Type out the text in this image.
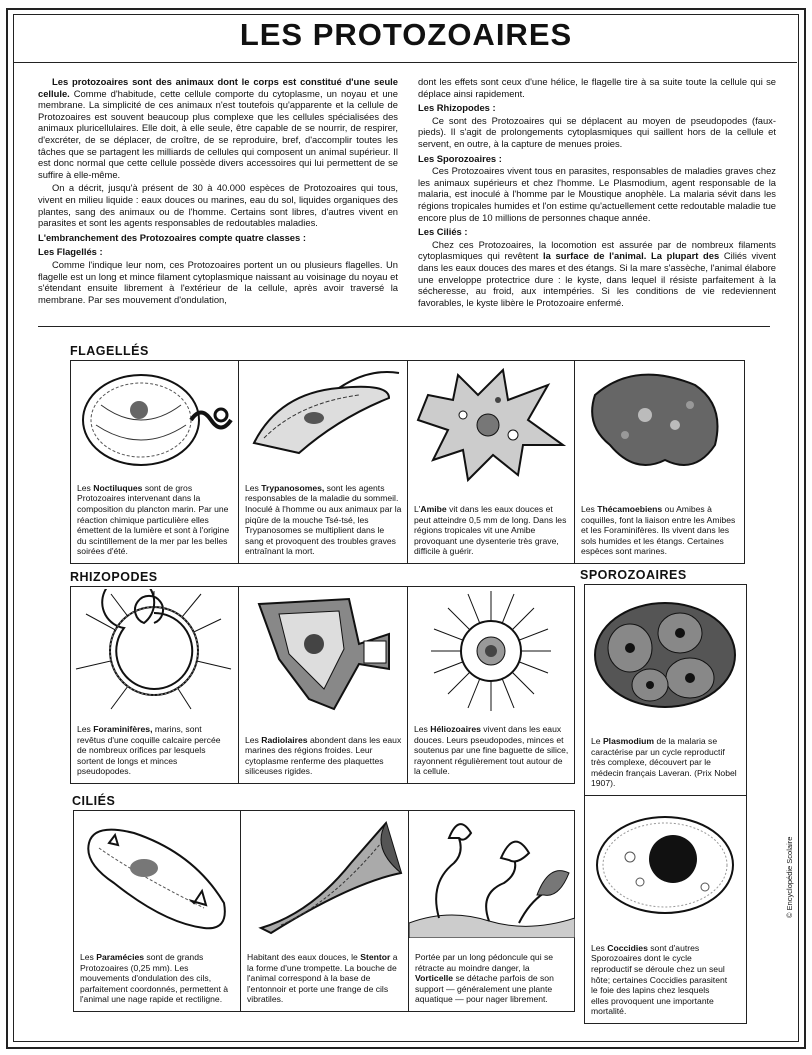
LES PROTOZOAIRES

Les protozoaires sont des animaux dont le corps est constitué d'une seule cellule. Comme d'habitude, cette cellule comporte du cytoplasme, un noyau et une membrane. La simplicité de ces animaux n'est toutefois qu'apparente et la cellule de Protozoaires est souvent beaucoup plus complexe que les cellules spécialisées des animaux pluricellulaires. Elle doit, à elle seule, être capable de se nourrir, de respirer, d'excréter, de se déplacer, de croître, de se reproduire, bref, d'accomplir toutes les tâches que se partagent les milliards de cellules qui composent un animal supérieur. Il est donc normal que cette cellule possède divers accessoires qui lui permettent de se suffire à elle-même.

On a décrit, jusqu'à présent de 30 à 40.000 espèces de Protozoaires qui tous, vivent en milieu liquide : eaux douces ou marines, eau du sol, liquides organiques des plantes, sang des animaux ou de l'homme. Certains sont libres, d'autres vivent en parasites et sont les agents responsables de redoutables maladies.

L'embranchement des Protozoaires compte quatre classes :

Les Flagellés :

Comme l'indique leur nom, ces Protozoaires portent un ou plusieurs flagelles. Un flagelle est un long et mince filament cytoplasmique naissant au voisinage du noyau et s'étendant ensuite librement à l'extérieur de la cellule, après avoir traversé la membrane. Par ses mouvement d'ondulation,

dont les effets sont ceux d'une hélice, le flagelle tire à sa suite toute la cellule qui se déplace ainsi rapidement.

Les Rhizopodes :

Ce sont des Protozoaires qui se déplacent au moyen de pseudopodes (faux-pieds). Il s'agit de prolongements cytoplasmiques qui saillent hors de la cellule et servent, en outre, à la capture de menues proies.

Les Sporozoaires :

Ces Protozoaires vivent tous en parasites, responsables de maladies graves chez les animaux supérieurs et chez l'homme. Le Plasmodium, agent responsable de la malaria, est inoculé à l'homme par le Moustique anophèle. La malaria sévit dans les régions tropicales humides et l'on estime qu'actuellement cette redoutable maladie tue encore plus de 10 millions de personnes chaque année.

Les Ciliés :

Chez ces Protozoaires, la locomotion est assurée par de nombreux filaments cytoplasmiques qui revêtent la surface de l'animal. La plupart des Ciliés vivent dans les eaux douces des mares et des étangs. Si la mare s'assèche, l'animal élabore une enveloppe protectrice dure : le kyste, dans lequel il résiste parfaitement à la sécheresse, au froid, aux intempéries. Si les conditions de vie redeviennent favorables, le kyste libère le Protozoaire enfermé.

FLAGELLÉS
Les Noctiluques sont de gros Protozoaires intervenant dans la composition du plancton marin. Par une réaction chimique particulière elles émettent de la lumière et sont à l'origine du scintillement de la mer par les belles soirées d'été.
Les Trypanosomes, sont les agents responsables de la maladie du sommeil. Inoculé à l'homme ou aux animaux par la piqûre de la mouche Tsé-tsé, les Trypanosomes se multiplient dans le sang et provoquent des troubles graves entraînant la mort.
L'Amibe vit dans les eaux douces et peut atteindre 0,5 mm de long. Dans les régions tropicales vit une Amibe provoquant une dysenterie très grave, difficile à guérir.
Les Thécamoebiens ou Amibes à coquilles, font la liaison entre les Amibes et les Foraminifères. Ils vivent dans les sols humides et les étangs. Certaines espèces sont marines.
RHIZOPODES
Les Foraminifères, marins, sont revêtus d'une coquille calcaire percée de nombreux orifices par lesquels sortent de longs et minces pseudopodes.
Les Radiolaires abondent dans les eaux marines des régions froides. Leur cytoplasme renferme des plaquettes siliceuses rigides.
Les Héliozoaires vivent dans les eaux douces. Leurs pseudopodes, minces et soutenus par une fine baguette de silice, rayonnent régulièrement tout autour de la cellule.
SPOROZOAIRES
Le Plasmodium de la malaria se caractérise par un cycle reproductif très complexe, découvert par le médecin français Laveran. (Prix Nobel 1907).
Les Coccidies sont d'autres Sporozoaires dont le cycle reproductif se déroule chez un seul hôte; certaines Coccidies parasitent le foie des lapins chez lesquels elles provoquent une importante mortalité.
CILIÉS
Les Paramécies sont de grands Protozoaires (0,25 mm). Les mouvements d'ondulation des cils, parfaitement coordonnés, permettent à l'animal une nage rapide et rectiligne.
Habitant des eaux douces, le Stentor a la forme d'une trompette. La bouche de l'animal correspond à la base de l'entonnoir et porte une frange de cils vibratiles.
Portée par un long pédoncule qui se rétracte au moindre danger, la Vorticelle se détache parfois de son support — généralement une plante aquatique — pour nager librement.
© Encyclopédie Scolaire
